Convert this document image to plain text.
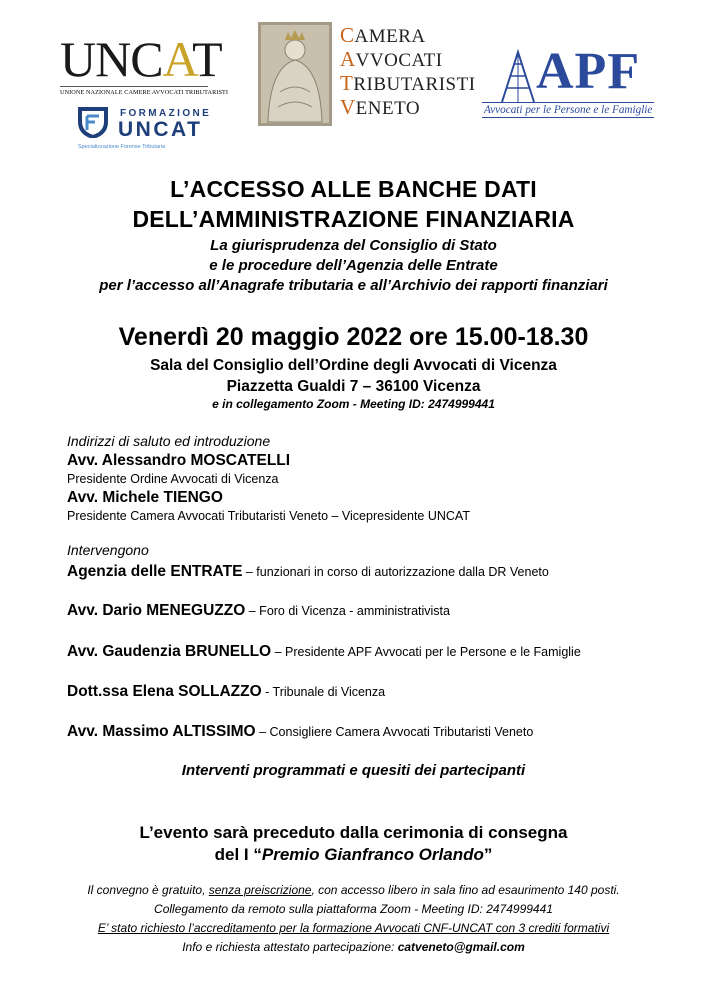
UNCAT
UNIONE NAZIONALE CAMERE AVVOCATI TRIBUTARISTI
FORMAZIONE
UNCAT
Specializzazione Forense Tributaria
CAMERA
AVVOCATI
TRIBUTARISTI
VENETO
APF
Avvocati per le Persone e le Famiglie
L’ACCESSO ALLE BANCHE DATI
DELL’AMMINISTRAZIONE FINANZIARIA
La giurisprudenza del Consiglio di Stato
e le procedure dell’Agenzia delle Entrate
per l’accesso all’Anagrafe tributaria e all’Archivio dei rapporti finanziari
Venerdì 20 maggio 2022 ore 15.00-18.30
Sala del Consiglio dell’Ordine degli Avvocati di Vicenza
Piazzetta Gualdi 7 – 36100 Vicenza
e in collegamento Zoom - Meeting ID: 2474999441
Indirizzi di saluto ed introduzione
Avv. Alessandro MOSCATELLI
Presidente Ordine Avvocati di Vicenza
Avv. Michele TIENGO
Presidente Camera Avvocati Tributaristi Veneto – Vicepresidente UNCAT
Intervengono
Agenzia delle ENTRATE – funzionari in corso di autorizzazione dalla DR Veneto
Avv. Dario MENEGUZZO – Foro di Vicenza - amministrativista
Avv. Gaudenzia BRUNELLO – Presidente APF Avvocati per le Persone e le Famiglie
Dott.ssa Elena SOLLAZZO - Tribunale di Vicenza
Avv. Massimo ALTISSIMO – Consigliere Camera Avvocati Tributaristi Veneto
Interventi programmati e quesiti dei partecipanti
L’evento sarà preceduto dalla cerimonia di consegna
del I “Premio Gianfranco Orlando”
Il convegno è gratuito, senza preiscrizione, con accesso libero in sala fino ad esaurimento 140 posti.
Collegamento da remoto sulla piattaforma Zoom - Meeting ID: 2474999441
E’ stato richiesto l’accreditamento per la formazione Avvocati CNF-UNCAT con 3 crediti formativi
Info e richiesta attestato partecipazione: catveneto@gmail.com
